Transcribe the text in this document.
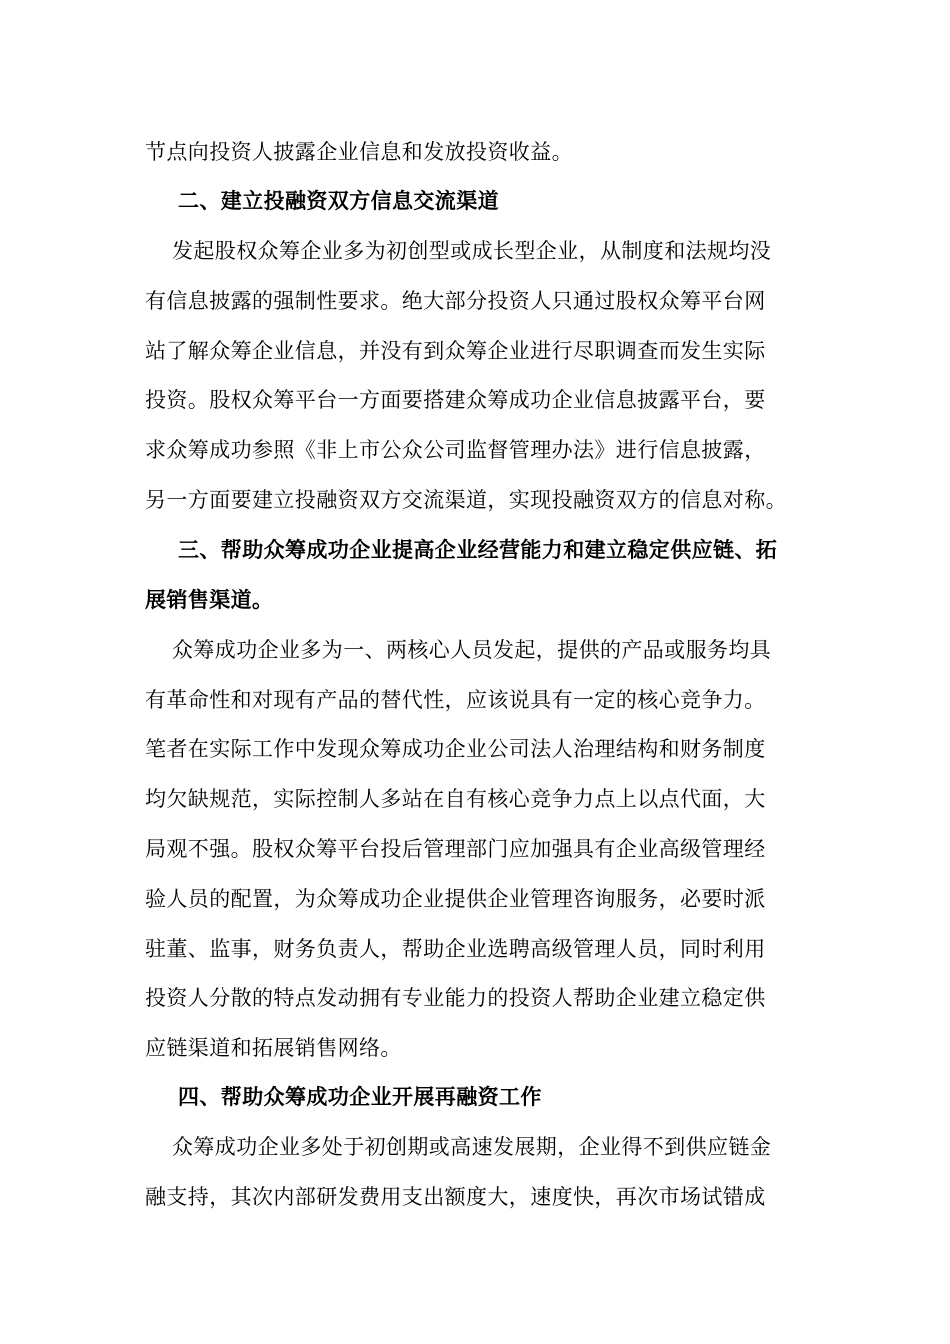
节点向投资人披露企业信息和发放投资收益。
二、建立投融资双方信息交流渠道
发起股权众筹企业多为初创型或成长型企业，从制度和法规均没
有信息披露的强制性要求。绝大部分投资人只通过股权众筹平台网
站了解众筹企业信息，并没有到众筹企业进行尽职调查而发生实际
投资。股权众筹平台一方面要搭建众筹成功企业信息披露平台，要
求众筹成功参照《非上市公众公司监督管理办法》进行信息披露，
另一方面要建立投融资双方交流渠道，实现投融资双方的信息对称。
三、帮助众筹成功企业提高企业经营能力和建立稳定供应链、拓
展销售渠道。
众筹成功企业多为一、两核心人员发起，提供的产品或服务均具
有革命性和对现有产品的替代性，应该说具有一定的核心竞争力。
笔者在实际工作中发现众筹成功企业公司法人治理结构和财务制度
均欠缺规范，实际控制人多站在自有核心竞争力点上以点代面，大
局观不强。股权众筹平台投后管理部门应加强具有企业高级管理经
验人员的配置，为众筹成功企业提供企业管理咨询服务，必要时派
驻董、监事，财务负责人，帮助企业选聘高级管理人员，同时利用
投资人分散的特点发动拥有专业能力的投资人帮助企业建立稳定供
应链渠道和拓展销售网络。
四、帮助众筹成功企业开展再融资工作
众筹成功企业多处于初创期或高速发展期，企业得不到供应链金
融支持，其次内部研发费用支出额度大，速度快，再次市场试错成
